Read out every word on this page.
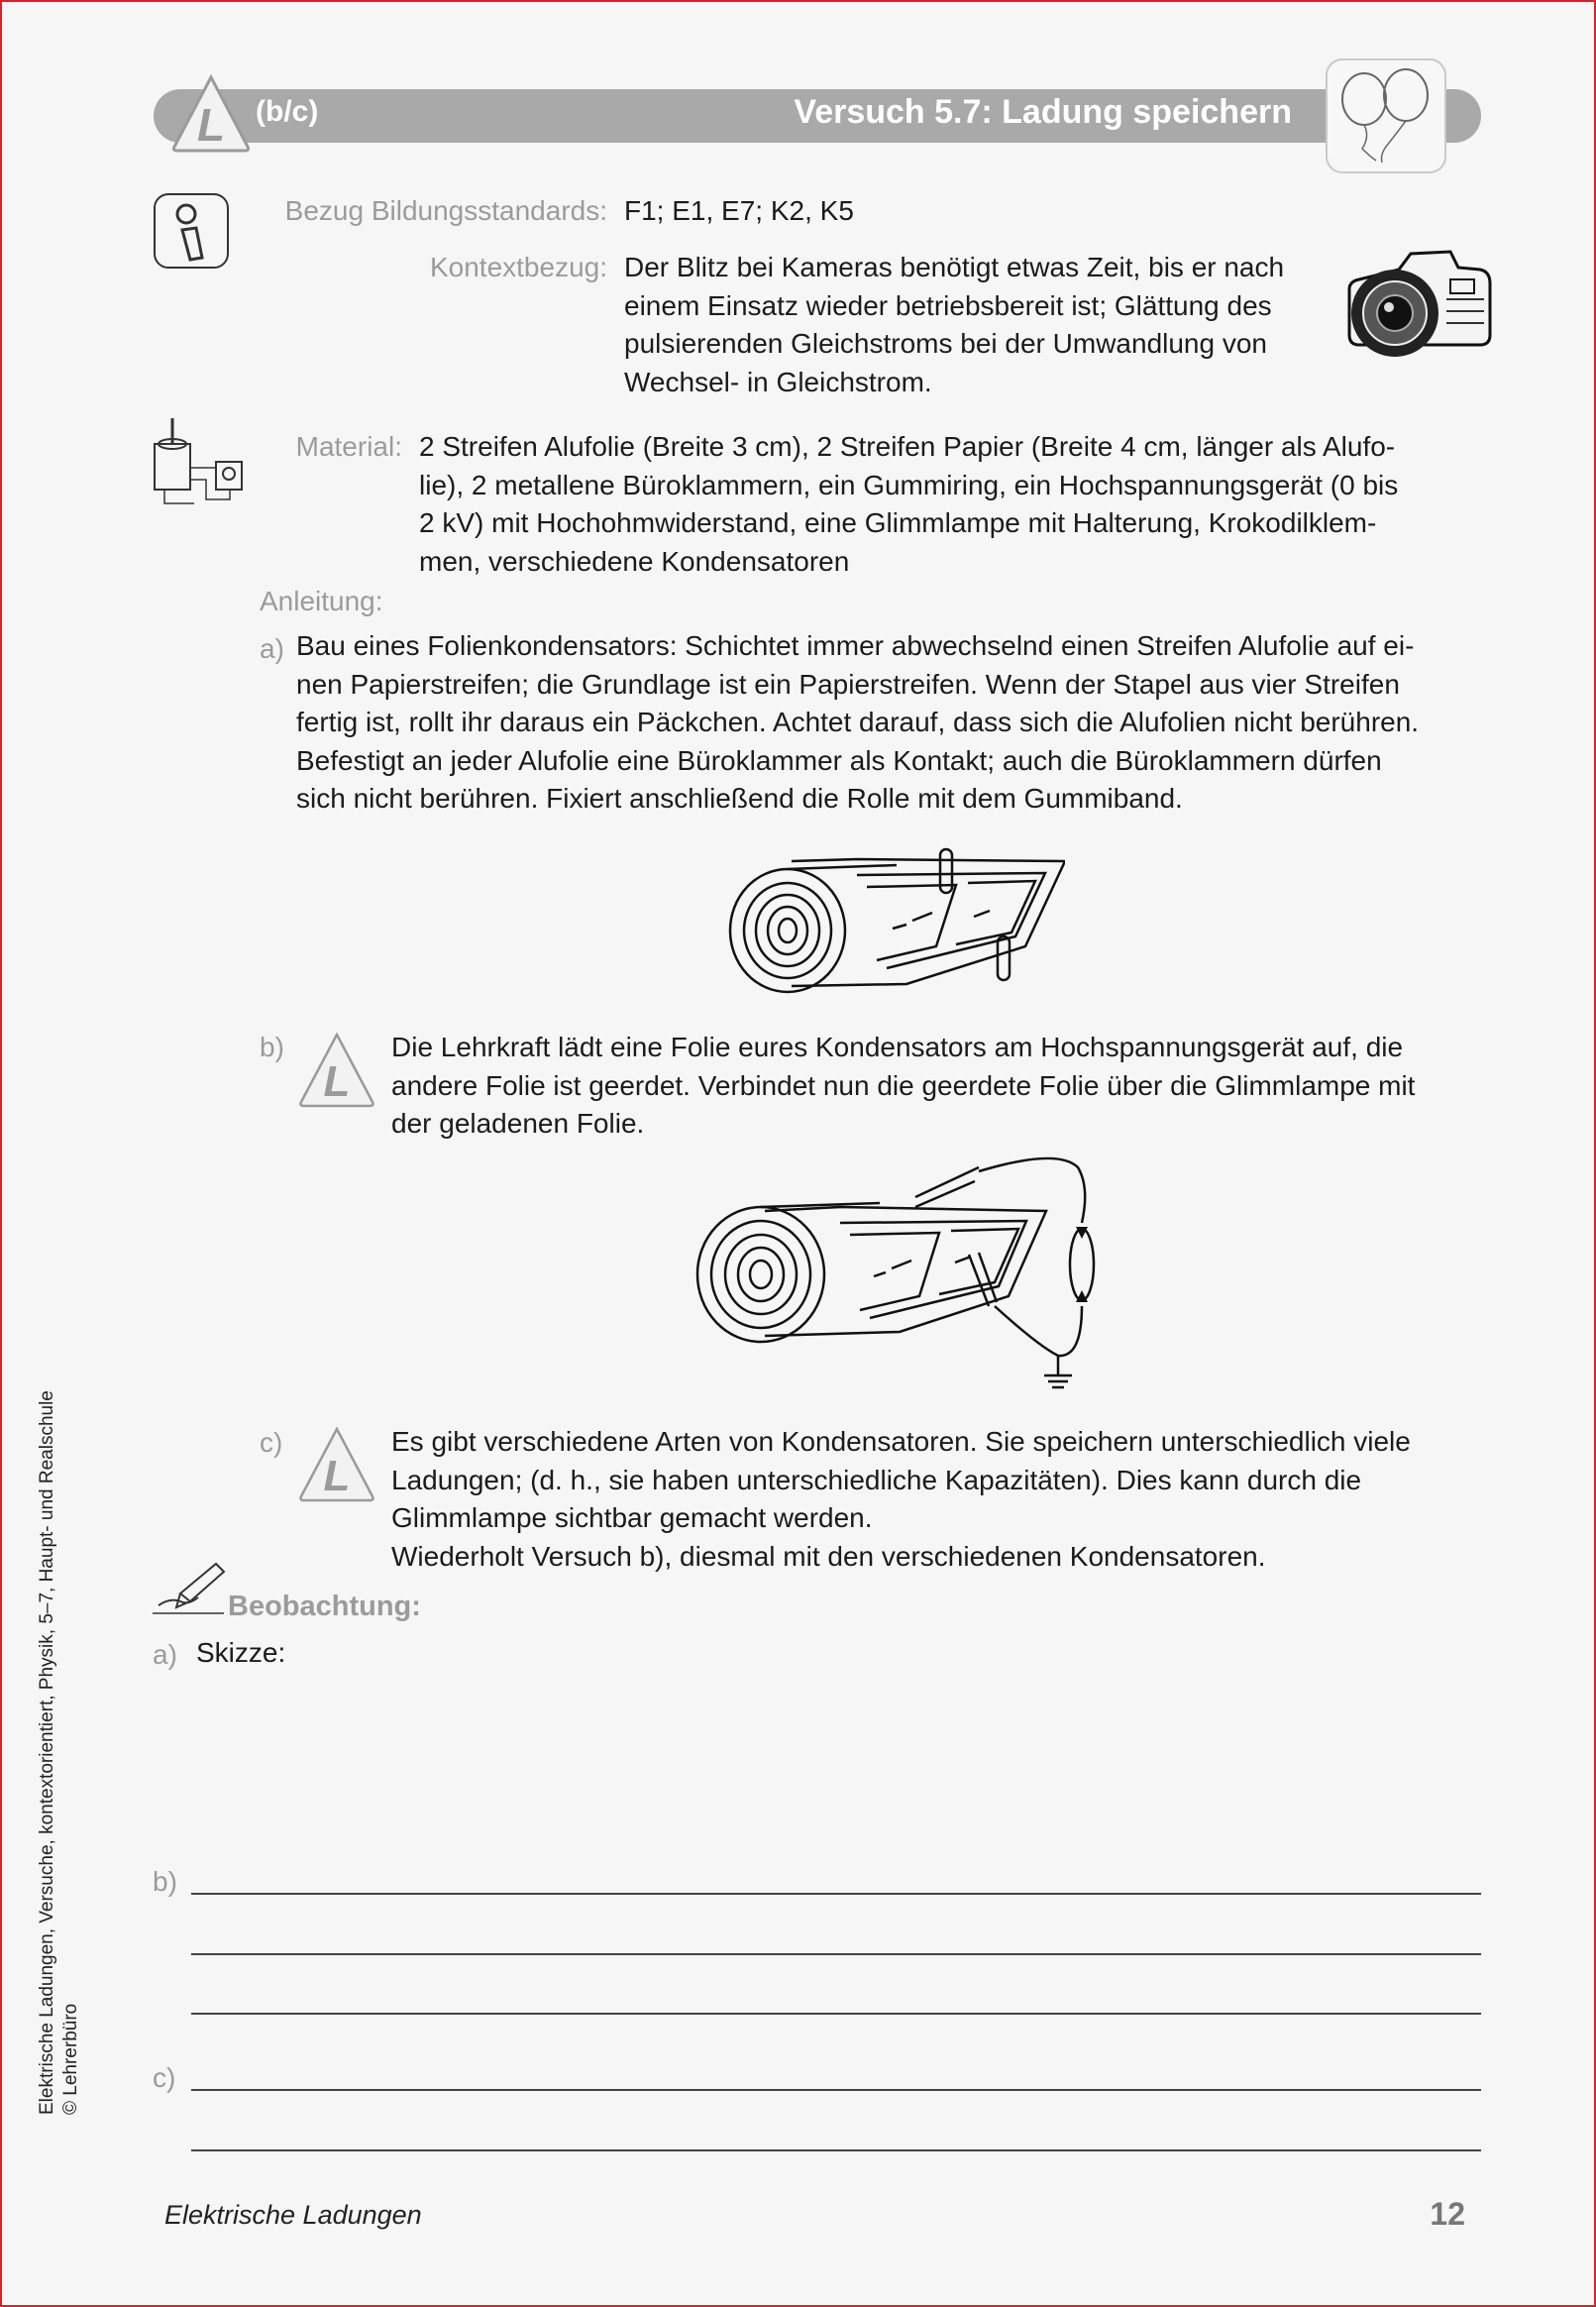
L (b/c)	Versuch 5.7: Ladung speichern
Bezug Bildungsstandards: F1; E1, E7; K2, K5
Kontextbezug: Der Blitz bei Kameras benötigt etwas Zeit, bis er nach
einem Einsatz wieder betriebsbereit ist; Glättung des
pulsierenden Gleichstroms bei der Umwandlung von
Wechsel- in Gleichstrom.
Material: 2 Streifen Alufolie (Breite 3 cm), 2 Streifen Papier (Breite 4 cm, länger als Alufo-
lie), 2 metallene Büroklammern, ein Gummiring, ein Hochspannungsgerät (0 bis
2 kV) mit Hochohmwiderstand, eine Glimmlampe mit Halterung, Krokodilklem-
men, verschiedene Kondensatoren
Anleitung:
a) Bau eines Folienkondensators: Schichtet immer abwechselnd einen Streifen Alufolie auf ei-
nen Papierstreifen; die Grundlage ist ein Papierstreifen. Wenn der Stapel aus vier Streifen
fertig ist, rollt ihr daraus ein Päckchen. Achtet darauf, dass sich die Alufolien nicht berühren.
Befestigt an jeder Alufolie eine Büroklammer als Kontakt; auch die Büroklammern dürfen
sich nicht berühren. Fixiert anschließend die Rolle mit dem Gummiband.
b)
L
Die Lehrkraft lädt eine Folie eures Kondensators am Hochspannungsgerät auf, die
andere Folie ist geerdet. Verbindet nun die geerdete Folie über die Glimmlampe mit
der geladenen Folie.
c)
L
Es gibt verschiedene Arten von Kondensatoren. Sie speichern unterschiedlich viele
Ladungen; (d. h., sie haben unterschiedliche Kapazitäten). Dies kann durch die
Glimmlampe sichtbar gemacht werden.
Wiederholt Versuch b), diesmal mit den verschiedenen Kondensatoren.
Beobachtung:
a) Skizze:
b)
c)
Elektrische Ladungen, Versuche, kontextorientiert, Physik, 5–7, Haupt- und Realschule © Lehrerbüro
Elektrische Ladungen	12
